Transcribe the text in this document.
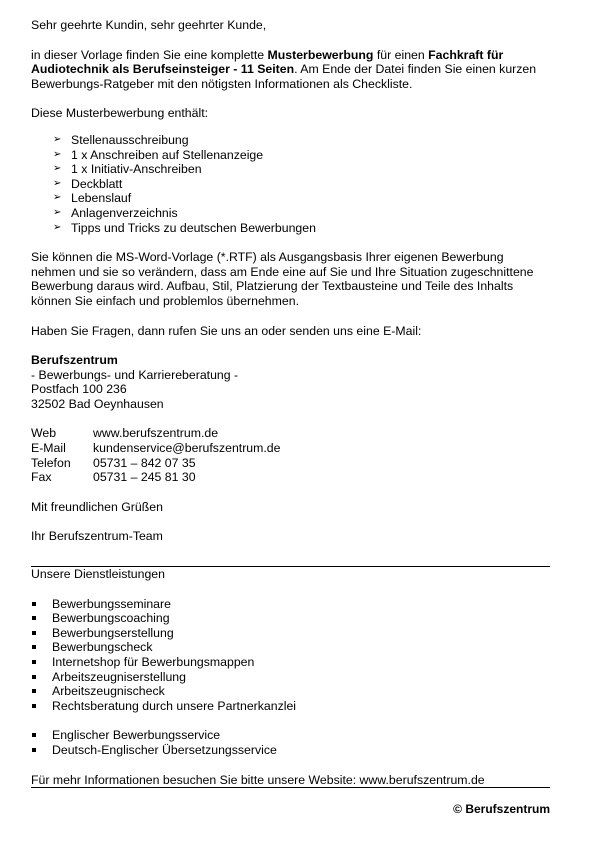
Sehr geehrte Kundin, sehr geehrter Kunde,

in dieser Vorlage finden Sie eine komplette Musterbewerbung für einen Fachkraft für Audiotechnik als Berufseinsteiger - 11 Seiten. Am Ende der Datei finden Sie einen kurzen Bewerbungs-Ratgeber mit den nötigsten Informationen als Checkliste.

Diese Musterbewerbung enthält:

➢ Stellenausschreibung
➢ 1 x Anschreiben auf Stellenanzeige
➢ 1 x Initiativ-Anschreiben
➢ Deckblatt
➢ Lebenslauf
➢ Anlagenverzeichnis
➢ Tipps und Tricks zu deutschen Bewerbungen

Sie können die MS-Word-Vorlage (*.RTF) als Ausgangsbasis Ihrer eigenen Bewerbung nehmen und sie so verändern, dass am Ende eine auf Sie und Ihre Situation zugeschnittene Bewerbung daraus wird. Aufbau, Stil, Platzierung der Textbausteine und Teile des Inhalts können Sie einfach und problemlos übernehmen.

Haben Sie Fragen, dann rufen Sie uns an oder senden uns eine E-Mail:

Berufszentrum

- Bewerbungs- und Karriereberatung -

Postfach 100 236

32502 Bad Oeynhausen

Web	www.berufszentrum.de
E-Mail	kundenservice@berufszentrum.de
Telefon	05731 – 842 07 35
Fax	05731 – 245 81 30

Mit freundlichen Grüßen

Ihr Berufszentrum-Team

Unsere Dienstleistungen

Bewerbungsseminare
Bewerbungscoaching
Bewerbungserstellung
Bewerbungscheck
Internetshop für Bewerbungsmappen
Arbeitszeugniserstellung
Arbeitszeugnischeck
Rechtsberatung durch unsere Partnerkanzlei
Englischer Bewerbungsservice
Deutsch-Englischer Übersetzungsservice

Für mehr Informationen besuchen Sie bitte unsere Website: www.berufszentrum.de

© Berufszentrum
